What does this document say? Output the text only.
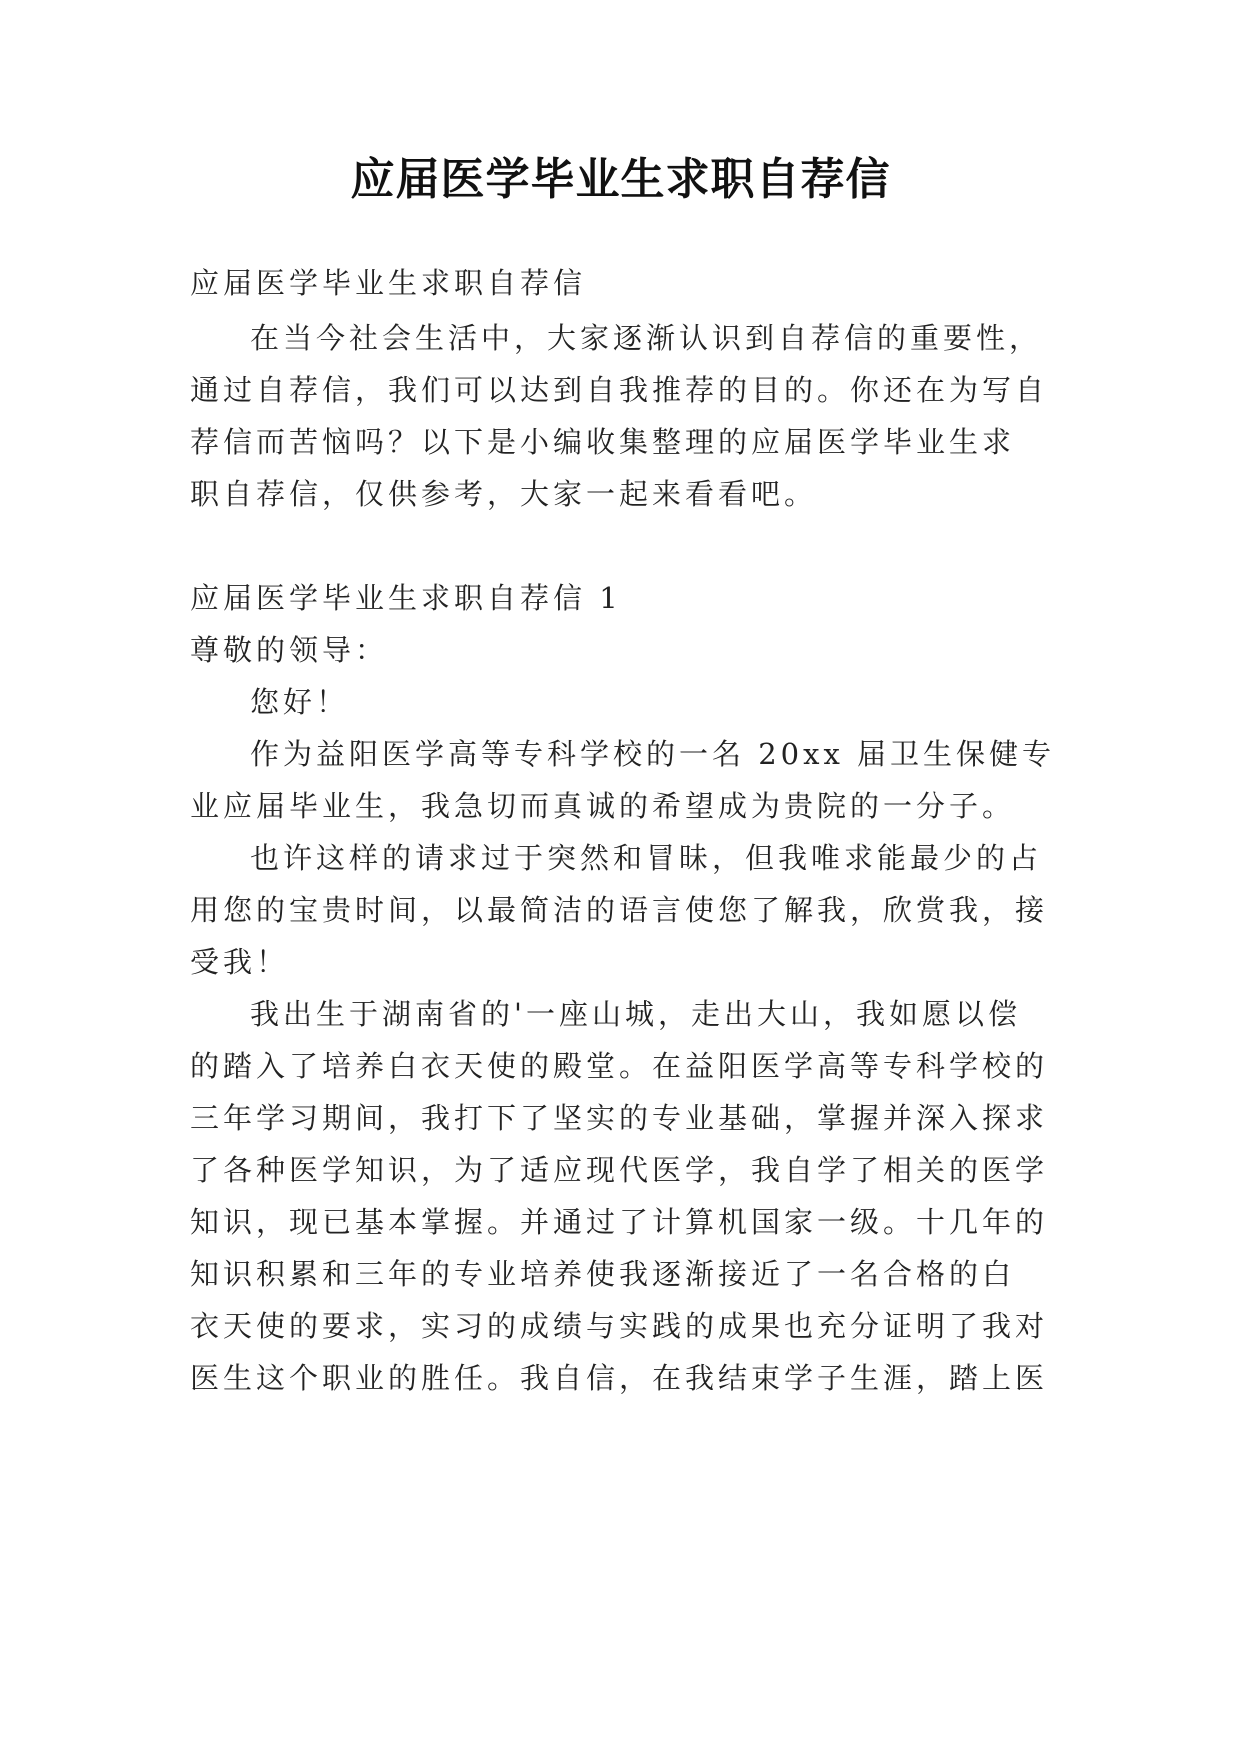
应届医学毕业生求职自荐信
应届医学毕业生求职自荐信
在当今社会生活中，大家逐渐认识到自荐信的重要性，
通过自荐信，我们可以达到自我推荐的目的。你还在为写自
荐信而苦恼吗？以下是小编收集整理的应届医学毕业生求
职自荐信，仅供参考，大家一起来看看吧。
应届医学毕业生求职自荐信 1
尊敬的领导：
您好！
作为益阳医学高等专科学校的一名 20xx 届卫生保健专
业应届毕业生，我急切而真诚的希望成为贵院的一分子。
也许这样的请求过于突然和冒昧，但我唯求能最少的占
用您的宝贵时间，以最简洁的语言使您了解我，欣赏我，接
受我！
我出生于湖南省的'一座山城，走出大山，我如愿以偿
的踏入了培养白衣天使的殿堂。在益阳医学高等专科学校的
三年学习期间，我打下了坚实的专业基础，掌握并深入探求
了各种医学知识，为了适应现代医学，我自学了相关的医学
知识，现已基本掌握。并通过了计算机国家一级。十几年的
知识积累和三年的专业培养使我逐渐接近了一名合格的白
衣天使的要求，实习的成绩与实践的成果也充分证明了我对
医生这个职业的胜任。我自信，在我结束学子生涯，踏上医
